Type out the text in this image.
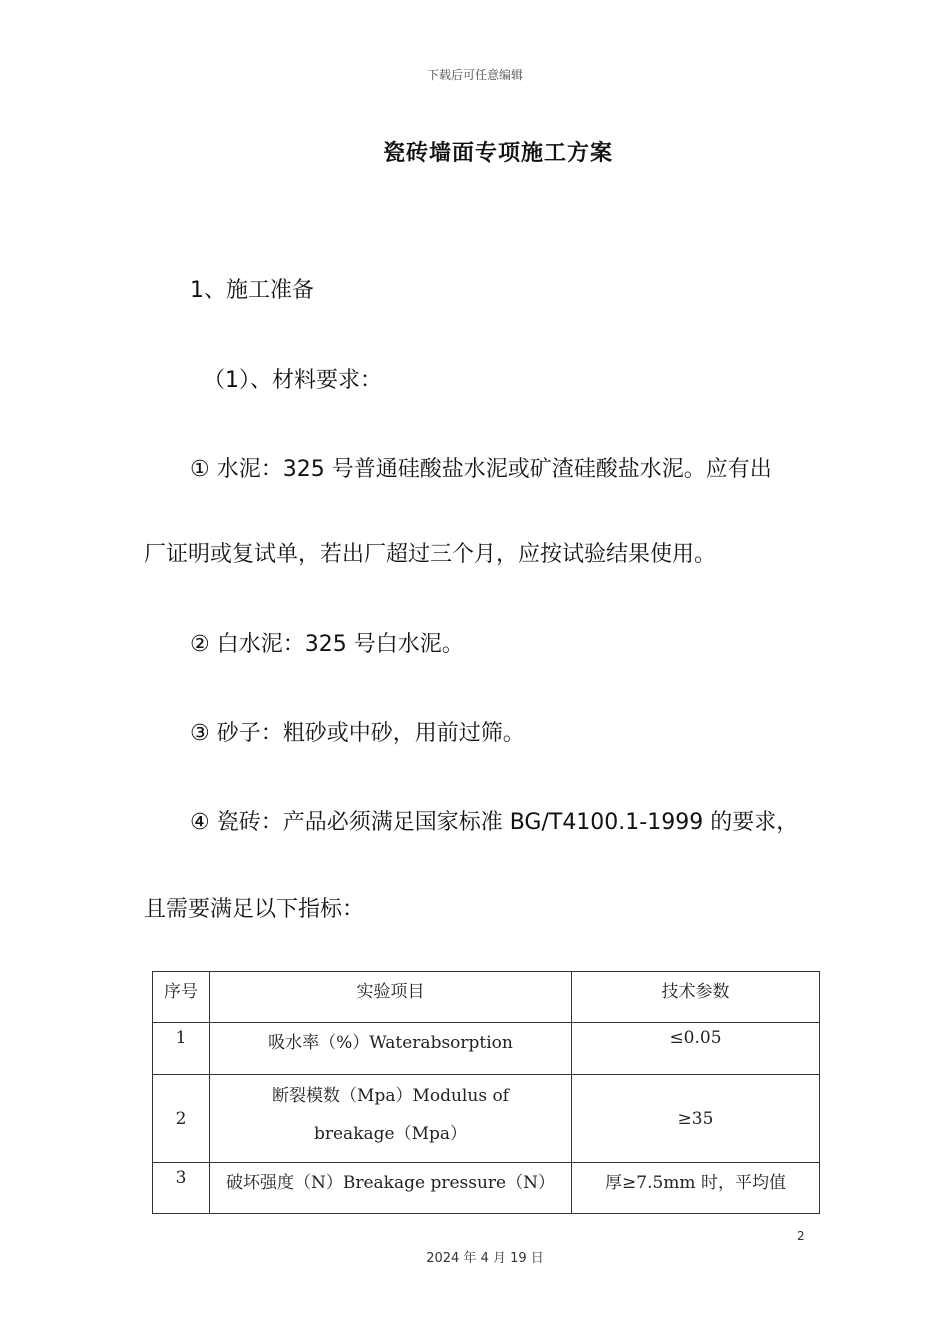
下载后可任意编辑
瓷砖墙面专项施工方案
1、施工准备
（1）、材料要求：
① 水泥：325 号普通硅酸盐水泥或矿渣硅酸盐水泥。应有出
厂证明或复试单，若出厂超过三个月，应按试验结果使用。
② 白水泥：325 号白水泥。
③ 砂子：粗砂或中砂，用前过筛。
④ 瓷砖：产品必须满足国家标准 BG/T4100.1-1999 的要求，
且需要满足以下指标：
序号	实验项目	技术参数
1	吸水率（%）Waterabsorption	≤0.05
2	断裂模数（Mpa）Modulus of
breakage（Mpa）	≥35
3	破坏强度（N）Breakage pressure（N）	厚≥7.5mm 时，平均值
2
2024 年 4 月 19 日
